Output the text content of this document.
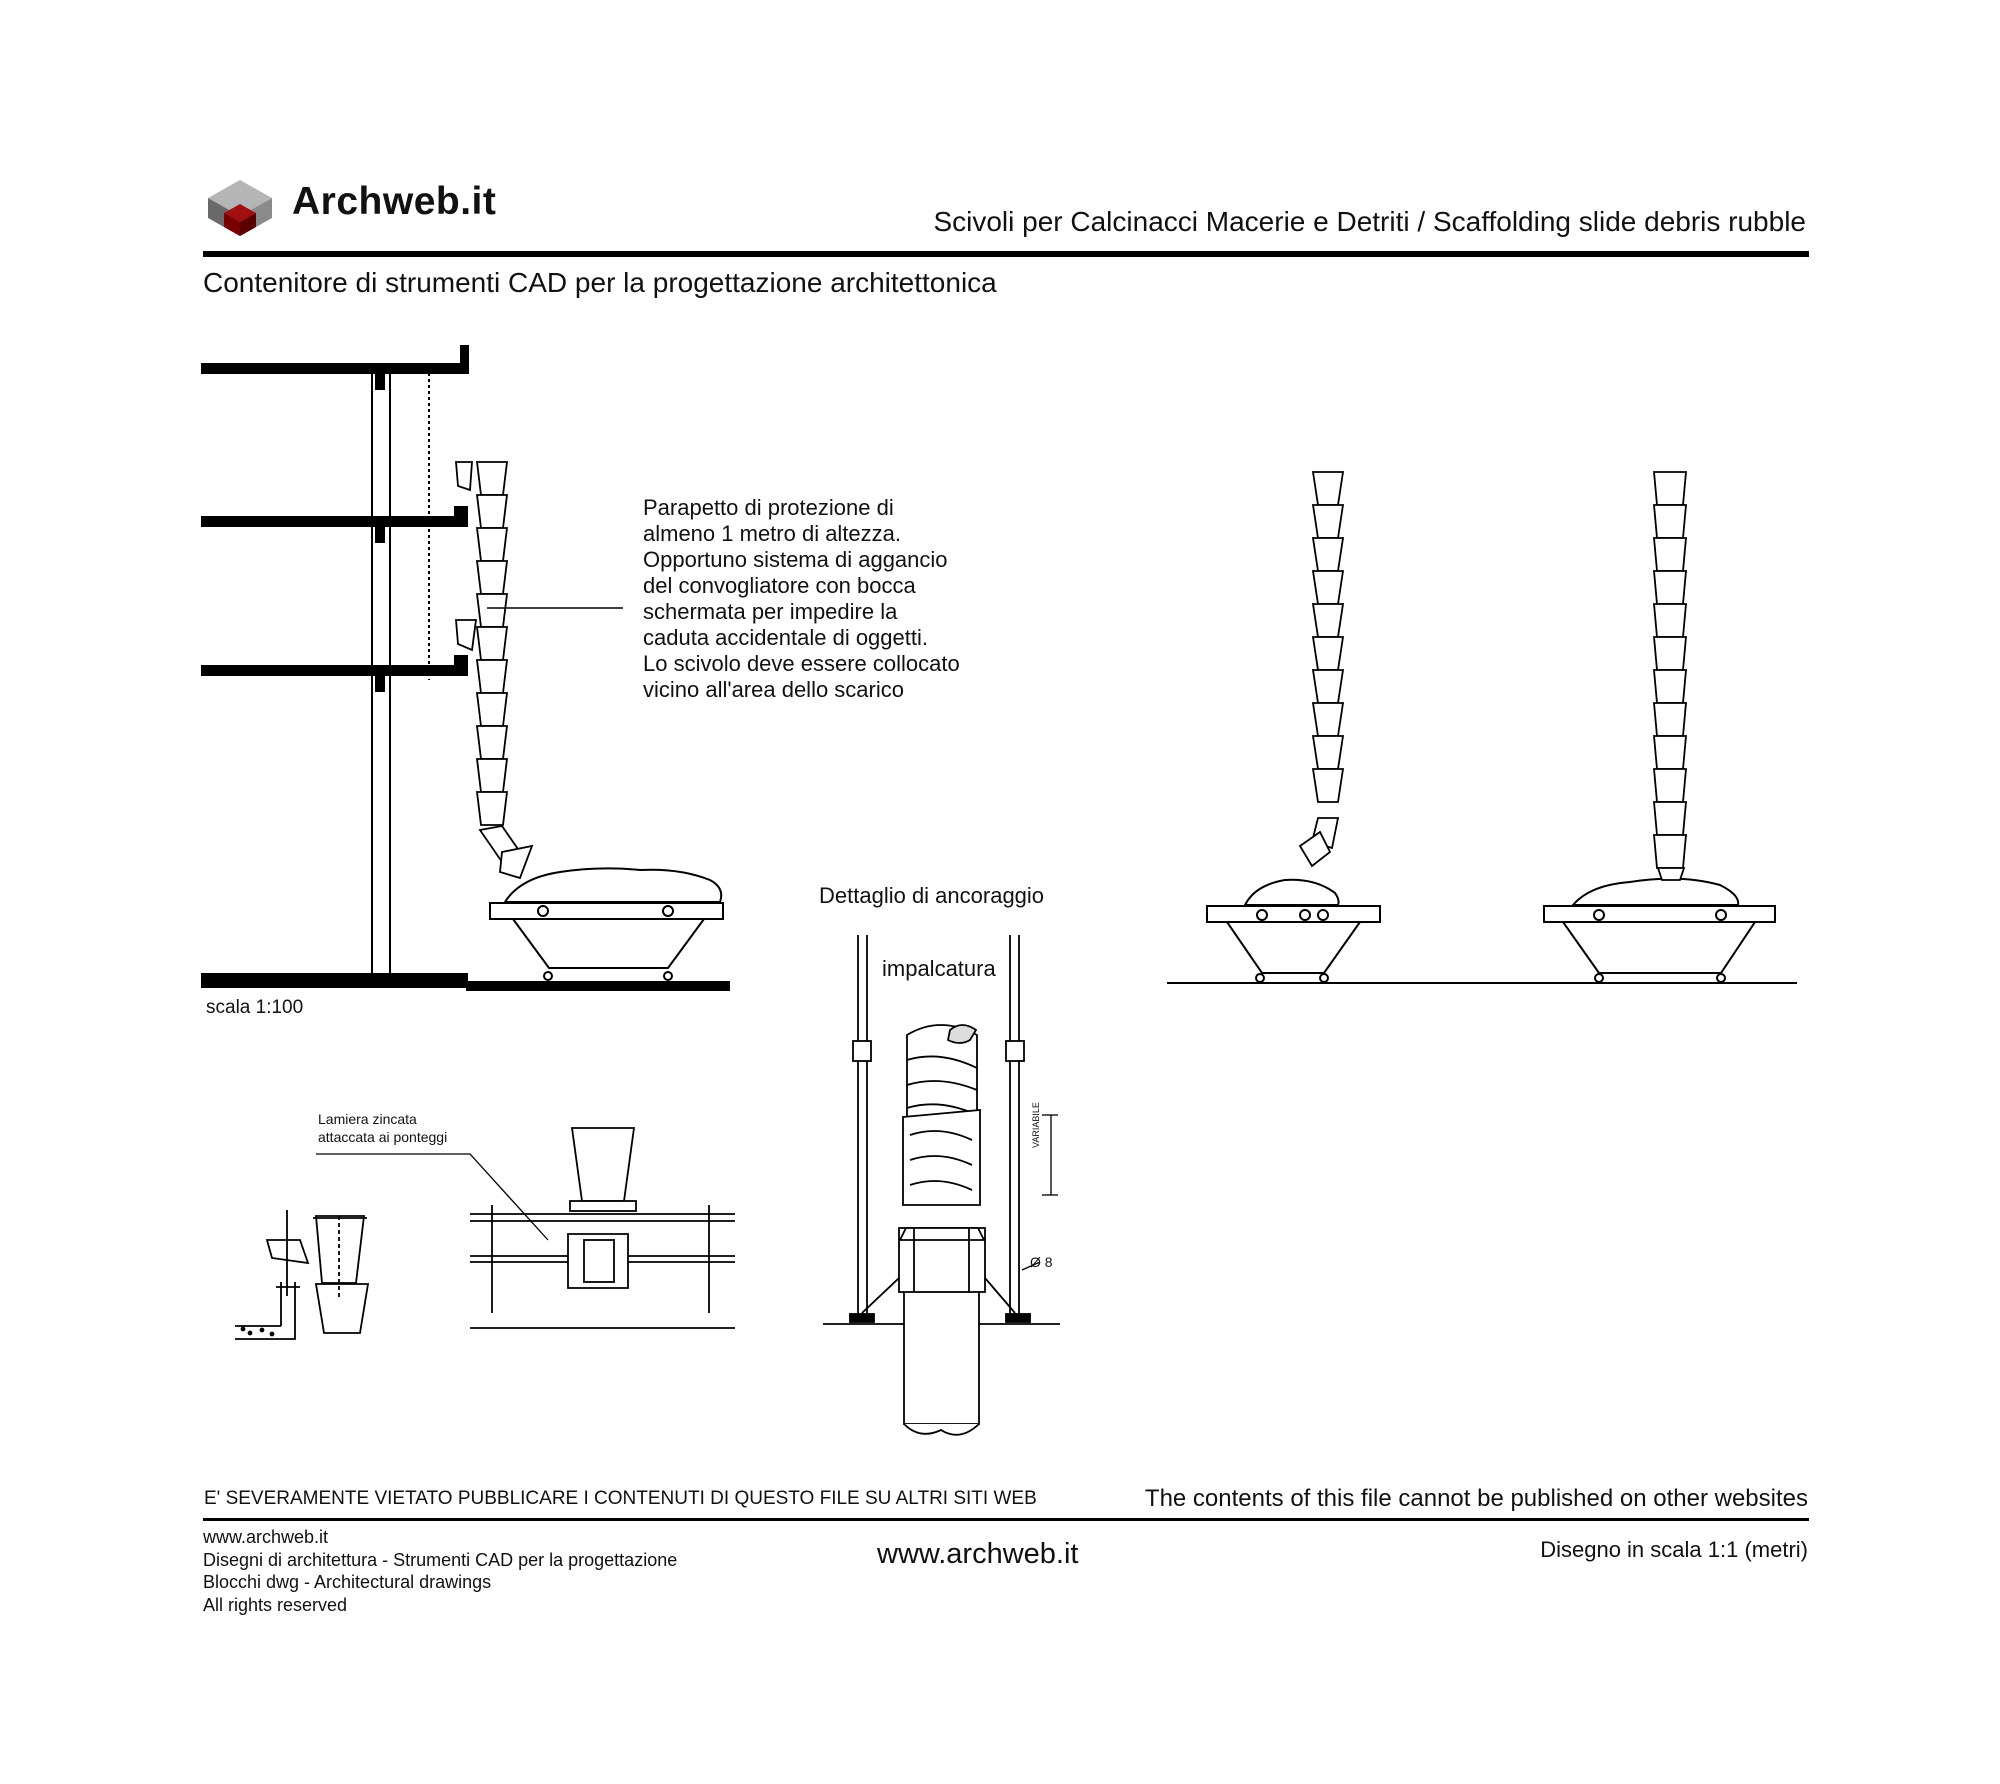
Archweb.it	Scivoli per Calcinacci Macerie e Detriti / Scaffolding slide debris rubble
Contenitore di strumenti CAD per la progettazione architettonica
Parapetto di protezione di
almeno 1 metro di altezza.
Opportuno sistema di aggancio
del convogliatore con bocca
schermata per impedire la
caduta accidentale di oggetti.
Lo scivolo deve essere collocato
vicino all'area dello scarico
scala 1:100
Dettaglio di ancoraggio
impalcatura
Lamiera zincata
attaccata ai ponteggi	VARIABILE
Ø 8
E' SEVERAMENTE VIETATO PUBBLICARE I CONTENUTI DI QUESTO FILE SU ALTRI SITI WEB	The contents of this file cannot be published on other websites
www.archweb.it
Disegni di architettura - Strumenti CAD per la progettazione
Blocchi dwg - Architectural drawings
All rights reserved
www.archweb.it	Disegno in scala 1:1 (metri)
